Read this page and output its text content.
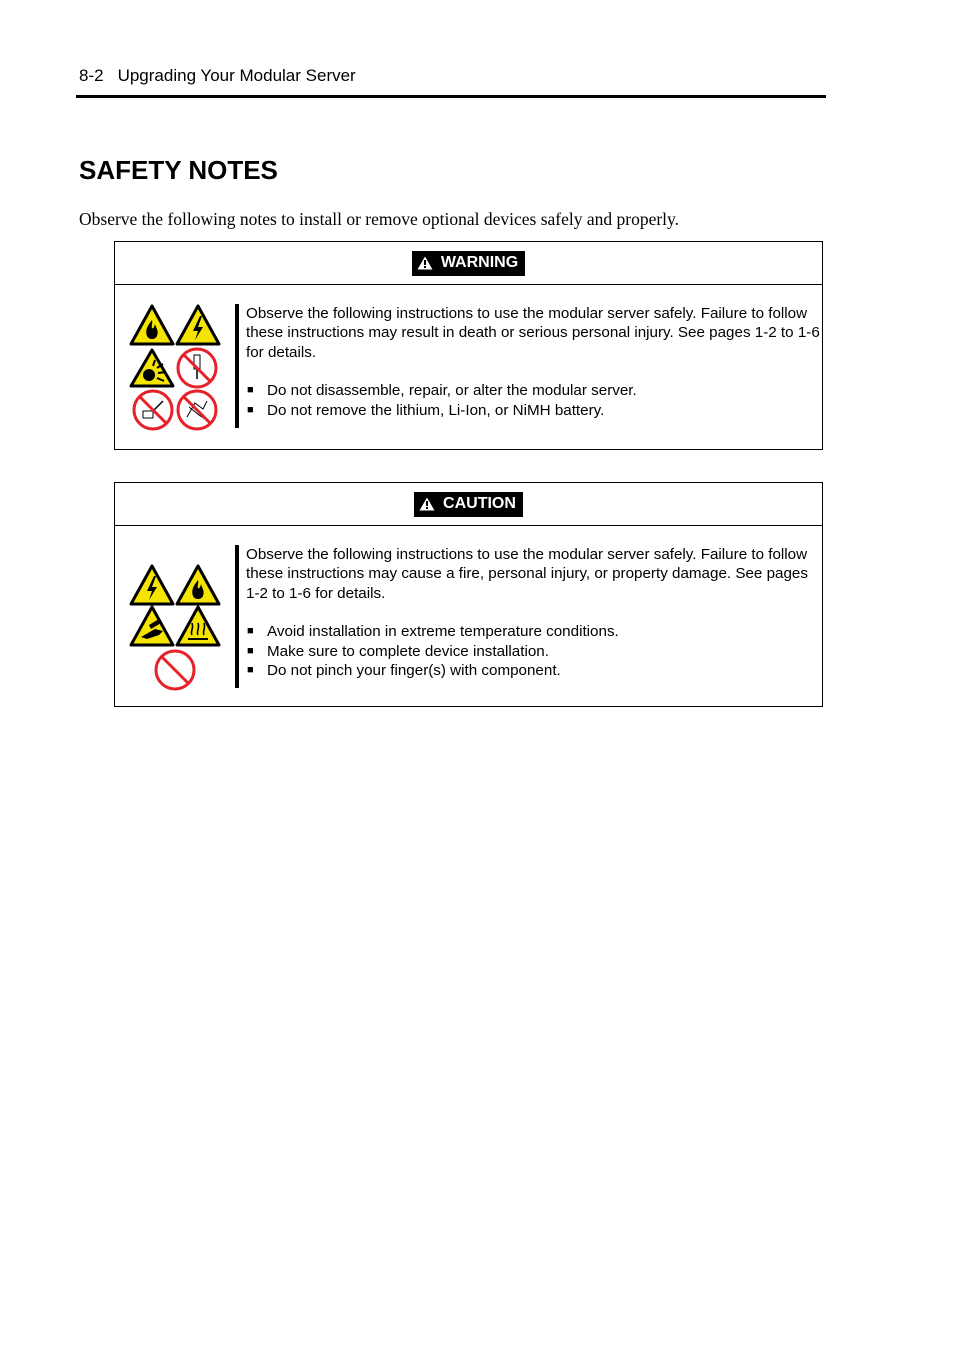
8-2 Upgrading Your Modular Server
SAFETY NOTES
Observe the following notes to install or remove optional devices safely and properly.
WARNING

Observe the following instructions to use the modular server safely. Failure to follow these instructions may result in death or serious personal injury. See pages 1-2 to 1-6 for details.

■ Do not disassemble, repair, or alter the modular server.
■ Do not remove the lithium, Li-Ion, or NiMH battery.
CAUTION

Observe the following instructions to use the modular server safely. Failure to follow these instructions may cause a fire, personal injury, or property damage. See pages 1-2 to 1-6 for details.

■ Avoid installation in extreme temperature conditions.
■ Make sure to complete device installation.
■ Do not pinch your finger(s) with component.
